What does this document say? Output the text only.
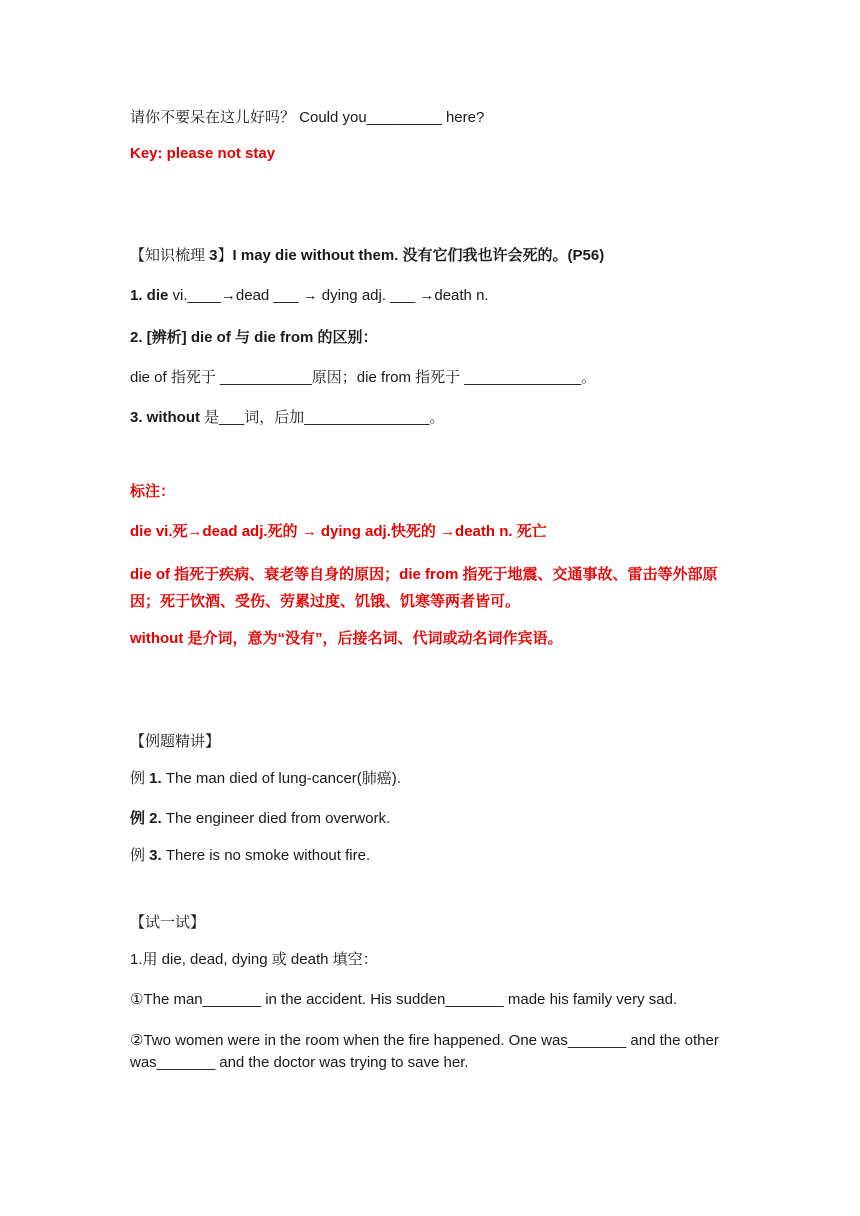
请你不要呆在这儿好吗？ Could you_________ here?
Key: please not stay
【知识梳理 3】I may die without them. 没有它们我也许会死的。(P56)
1. die vi.____→dead ___ → dying adj. ___ →death n.
2. [辨析] die of 与 die from 的区别：
die of 指死于 ___________原因；die from 指死于 ______________。
3. without 是___词，后加_______________。
标注：
die vi.死→dead adj.死的 → dying adj.快死的 →death n. 死亡
die of 指死于疾病、衰老等自身的原因；die from 指死于地震、交通事故、雷击等外部原因；死于饮酒、受伤、劳累过度、饥饿、饥寒等两者皆可。
without 是介词，意为“没有”，后接名词、代词或动名词作宾语。
【例题精讲】
例 1. The man died of lung-cancer(肺癌).
例 2. The engineer died from overwork.
例 3. There is no smoke without fire.
【试一试】
1.用 die, dead, dying 或 death 填空：
①The man_______ in the accident. His sudden_______ made his family very sad.
②Two women were in the room when the fire happened. One was_______ and the other was_______ and the doctor was trying to save her.
